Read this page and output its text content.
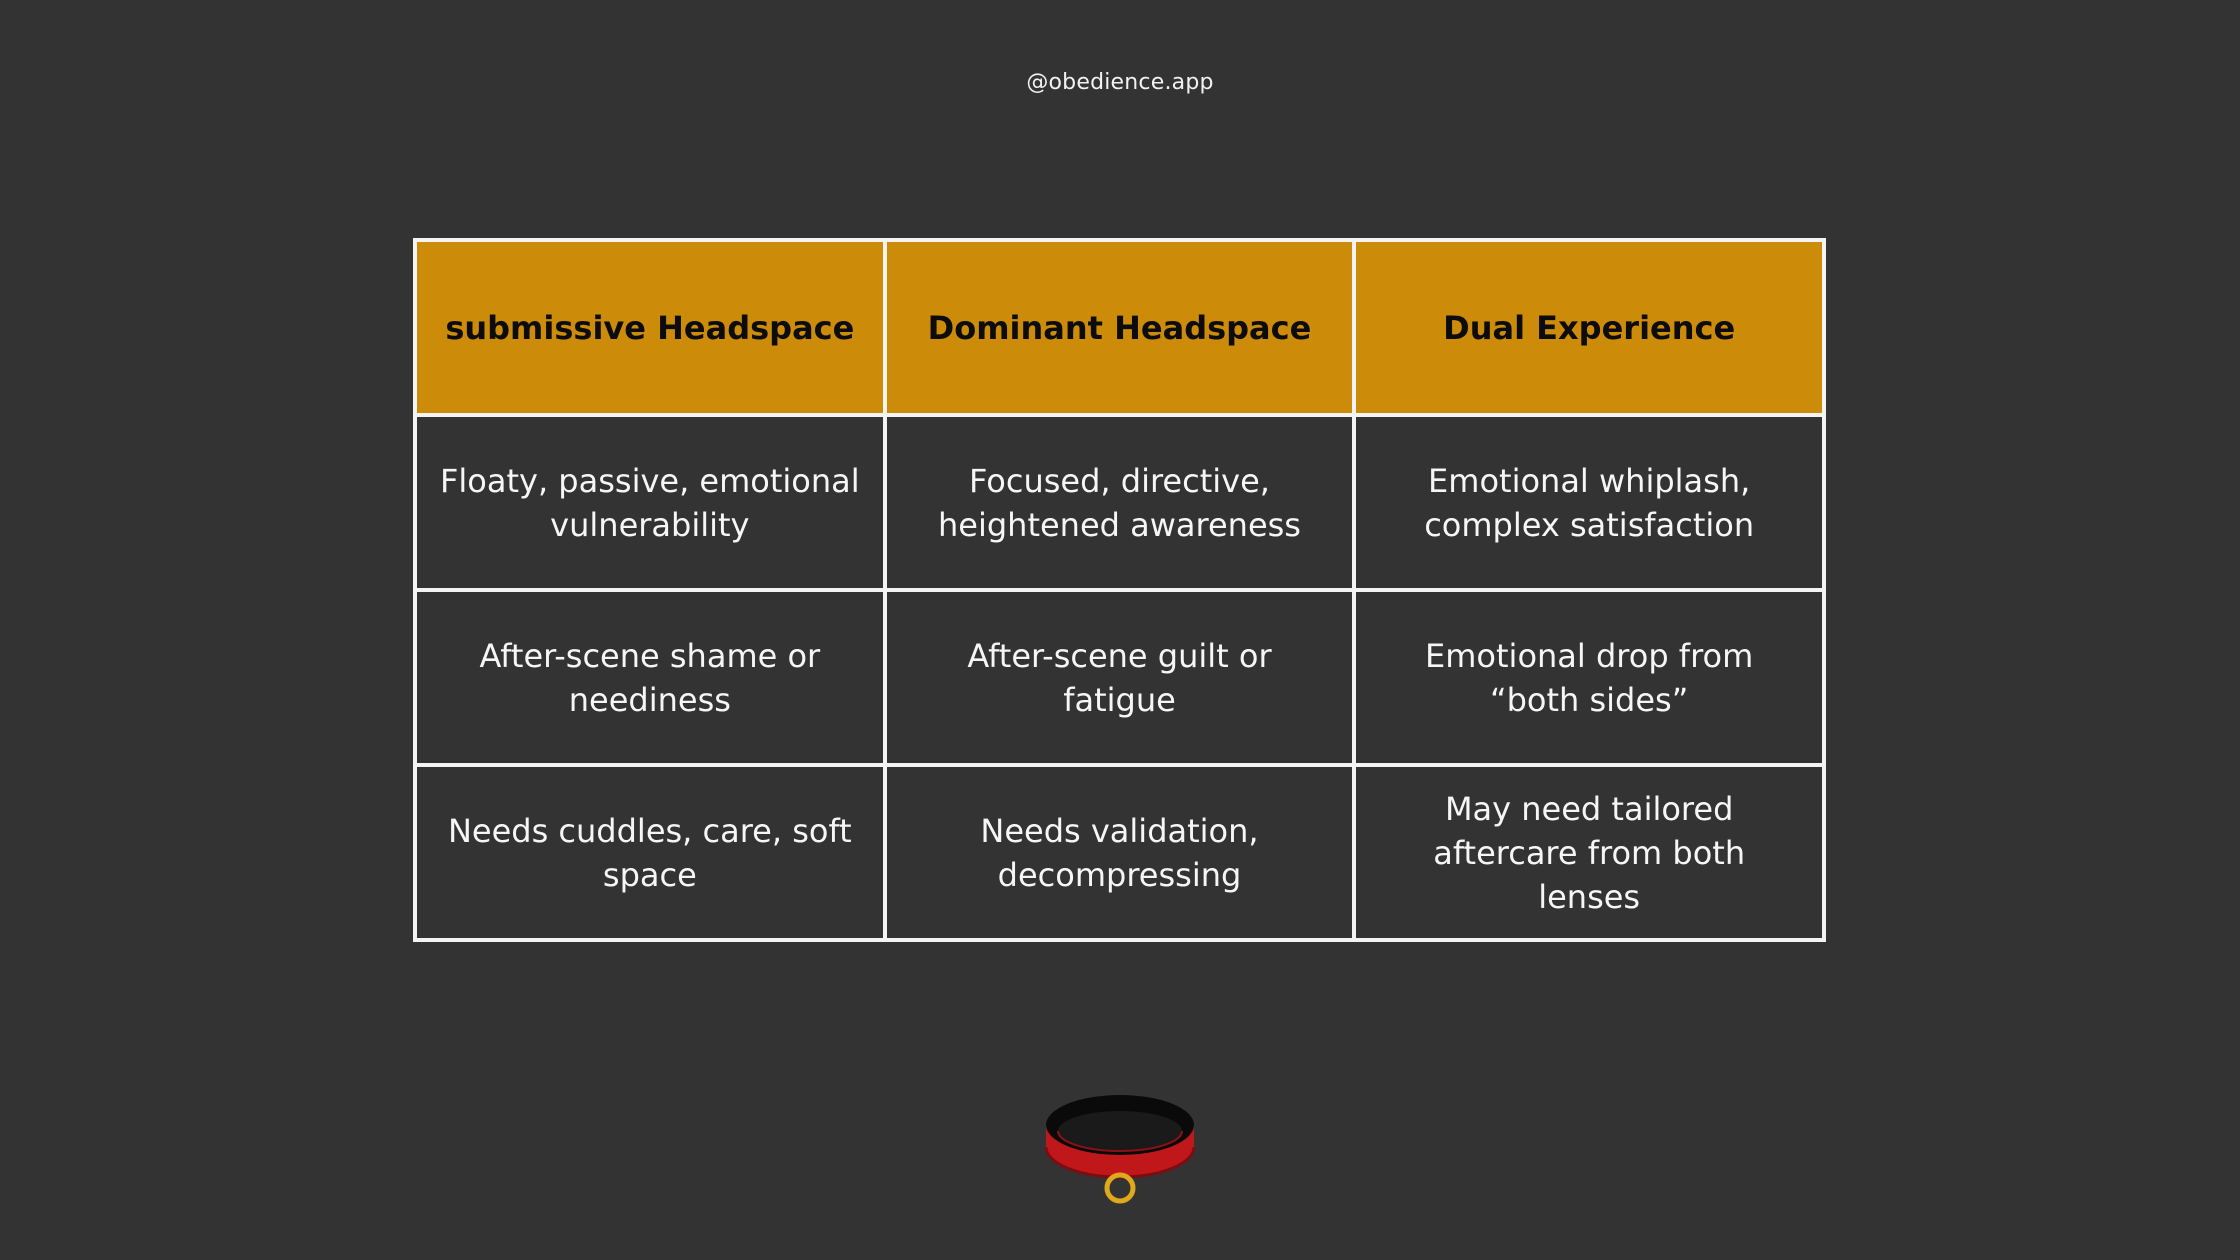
@obedience.app
submissive Headspace	Dominant Headspace	Dual Experience
Floaty, passive, emotional vulnerability	Focused, directive, heightened awareness	Emotional whiplash, complex satisfaction
After-scene shame or neediness	After-scene guilt or fatigue	Emotional drop from “both sides”
Needs cuddles, care, soft space	Needs validation, decompressing	May need tailored aftercare from both lenses
